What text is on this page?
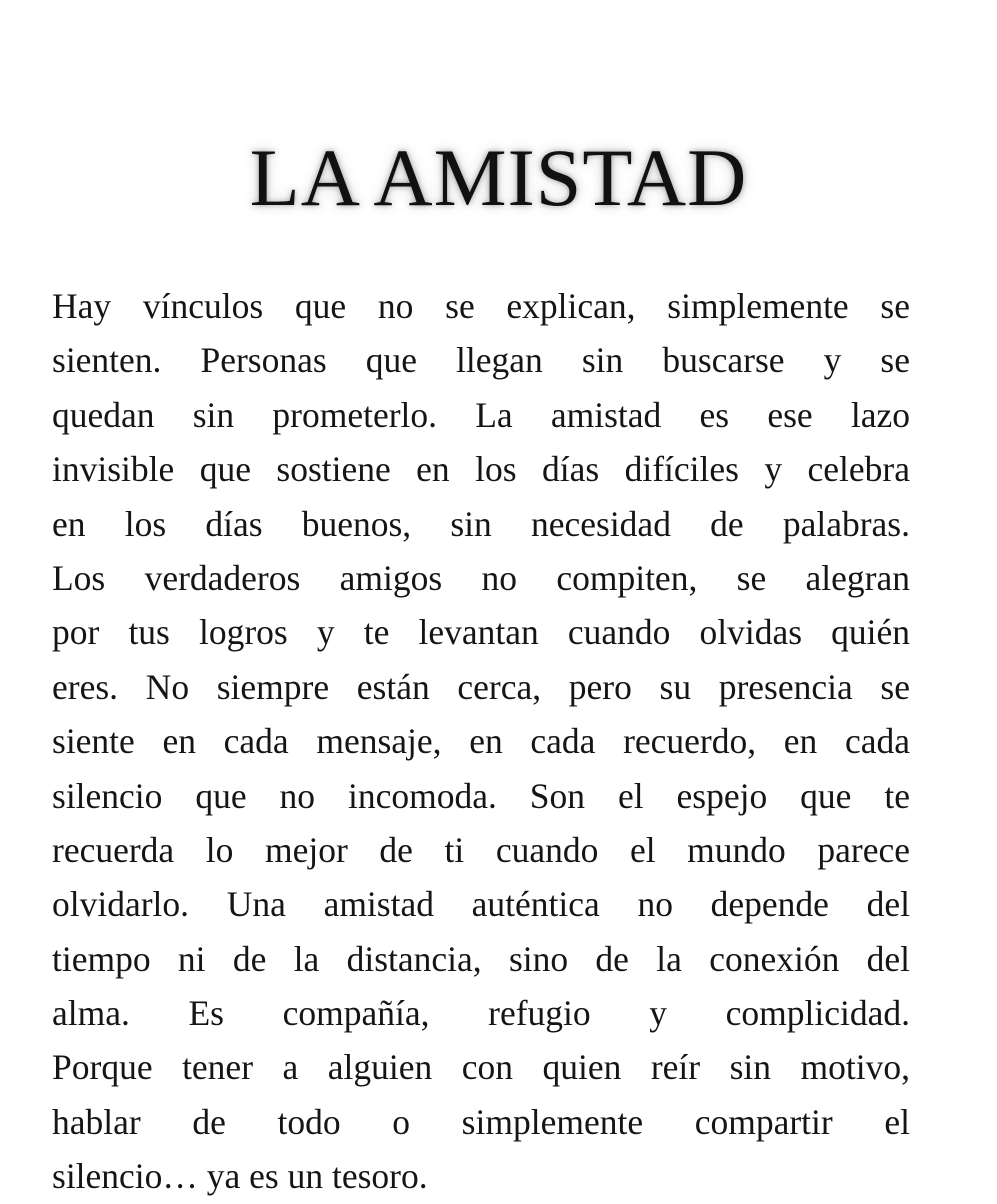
LA AMISTAD
Hay vínculos que no se explican, simplemente se
sienten. Personas que llegan sin buscarse y se
quedan sin prometerlo. La amistad es ese lazo
invisible que sostiene en los días difíciles y celebra
en los días buenos, sin necesidad de palabras.
Los verdaderos amigos no compiten, se alegran
por tus logros y te levantan cuando olvidas quién
eres. No siempre están cerca, pero su presencia se
siente en cada mensaje, en cada recuerdo, en cada
silencio que no incomoda. Son el espejo que te
recuerda lo mejor de ti cuando el mundo parece
olvidarlo. Una amistad auténtica no depende del
tiempo ni de la distancia, sino de la conexión del
alma. Es compañía, refugio y complicidad.
Porque tener a alguien con quien reír sin motivo,
hablar de todo o simplemente compartir el
silencio… ya es un tesoro.
